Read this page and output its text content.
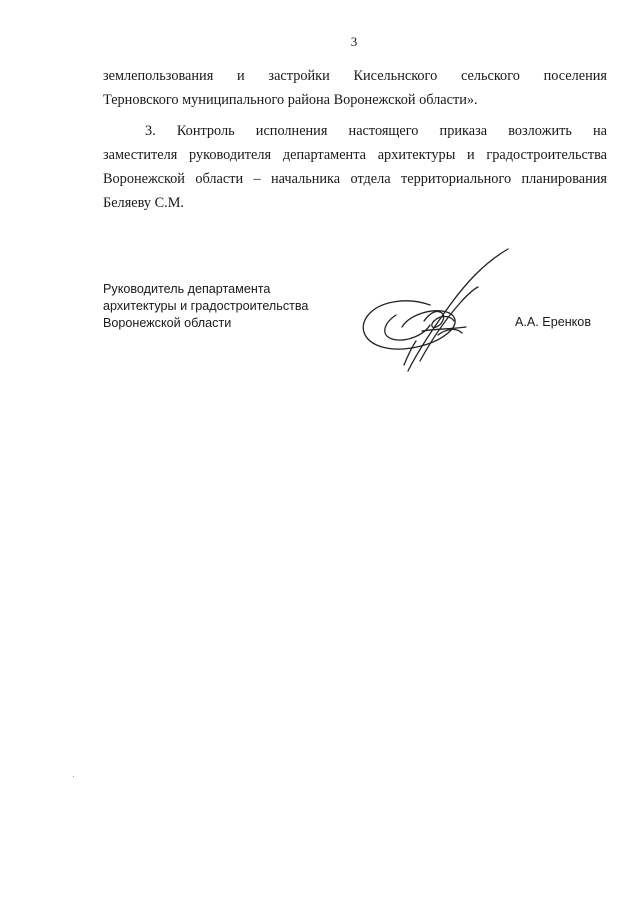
3
землепользования и застройки Кисельнского сельского поселения
Терновского муниципального района Воронежской области».
3. Контроль исполнения настоящего приказа возложить на
заместителя руководителя департамента архитектуры и градостроительства
Воронежской области – начальника отдела территориального планирования
Беляеву С.М.
Руководитель департамента
архитектуры и градостроительства
Воронежской области	А.А. Еренков
